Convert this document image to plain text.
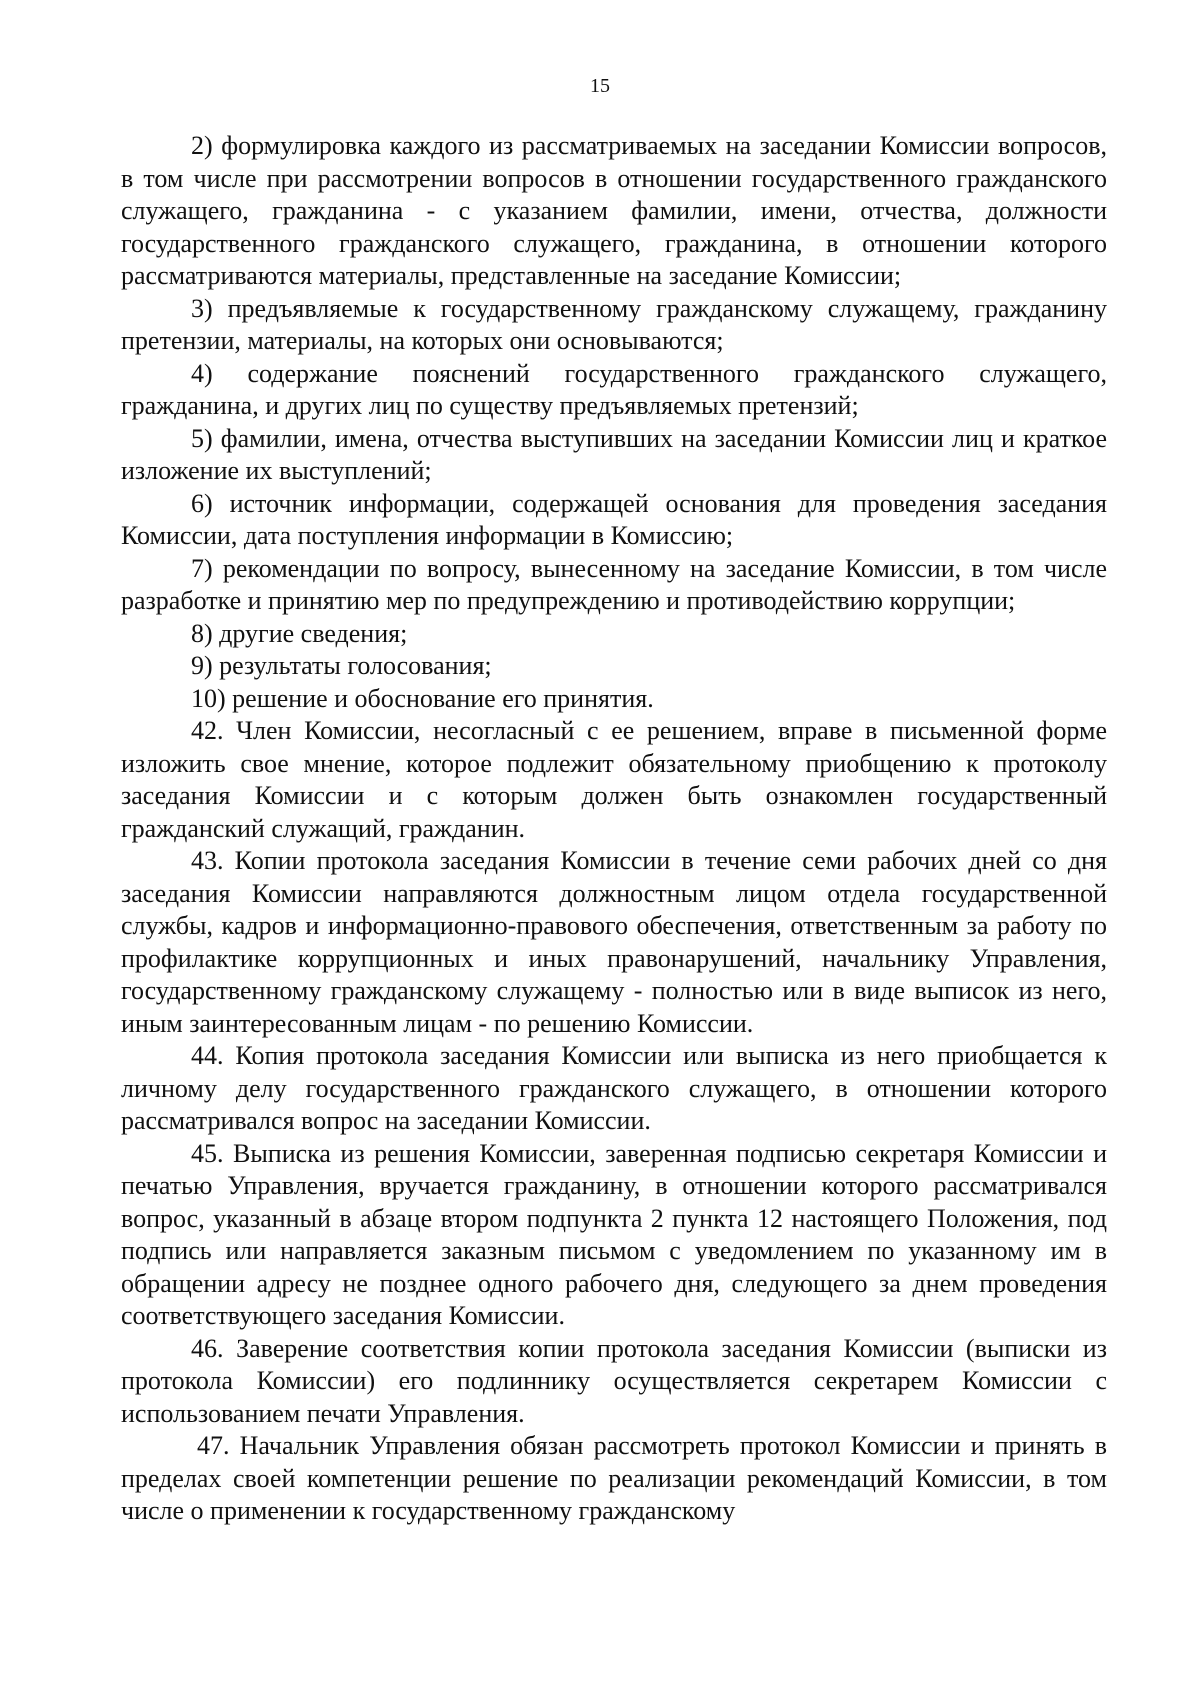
15

2) формулировка каждого из рассматриваемых на заседании Комиссии вопросов, в том числе при рассмотрении вопросов в отношении государственного гражданского служащего, гражданина - с указанием фамилии, имени, отчества, должности государственного гражданского служащего, гражданина, в отношении которого рассматриваются материалы, представленные на заседание Комиссии;

3) предъявляемые к государственному гражданскому служащему, гражданину претензии, материалы, на которых они основываются;

4) содержание пояснений государственного гражданского служащего, гражданина, и других лиц по существу предъявляемых претензий;

5) фамилии, имена, отчества выступивших на заседании Комиссии лиц и краткое изложение их выступлений;

6) источник информации, содержащей основания для проведения заседания Комиссии, дата поступления информации в Комиссию;

7) рекомендации по вопросу, вынесенному на заседание Комиссии, в том числе разработке и принятию мер по предупреждению и противодействию коррупции;

8) другие сведения;

9) результаты голосования;

10) решение и обоснование его принятия.

42. Член Комиссии, несогласный с ее решением, вправе в письменной форме изложить свое мнение, которое подлежит обязательному приобщению к протоколу заседания Комиссии и с которым должен быть ознакомлен государственный гражданский служащий, гражданин.

43. Копии протокола заседания Комиссии в течение семи рабочих дней со дня заседания Комиссии направляются должностным лицом отдела государственной службы, кадров и информационно-правового обеспечения, ответственным за работу по профилактике коррупционных и иных правонарушений, начальнику Управления, государственному гражданскому служащему - полностью или в виде выписок из него, иным заинтересованным лицам - по решению Комиссии.

44. Копия протокола заседания Комиссии или выписка из него приобщается к личному делу государственного гражданского служащего, в отношении которого рассматривался вопрос на заседании Комиссии.

45. Выписка из решения Комиссии, заверенная подписью секретаря Комиссии и печатью Управления, вручается гражданину, в отношении которого рассматривался вопрос, указанный в абзаце втором подпункта 2 пункта 12 настоящего Положения, под подпись или направляется заказным письмом с уведомлением по указанному им в обращении адресу не позднее одного рабочего дня, следующего за днем проведения соответствующего заседания Комиссии.

46. Заверение соответствия копии протокола заседания Комиссии (выписки из протокола Комиссии) его подлиннику осуществляется секретарем Комиссии с использованием печати Управления.

47. Начальник Управления обязан рассмотреть протокол Комиссии и принять в пределах своей компетенции решение по реализации рекомендаций Комиссии, в том числе о применении к государственному гражданскому
